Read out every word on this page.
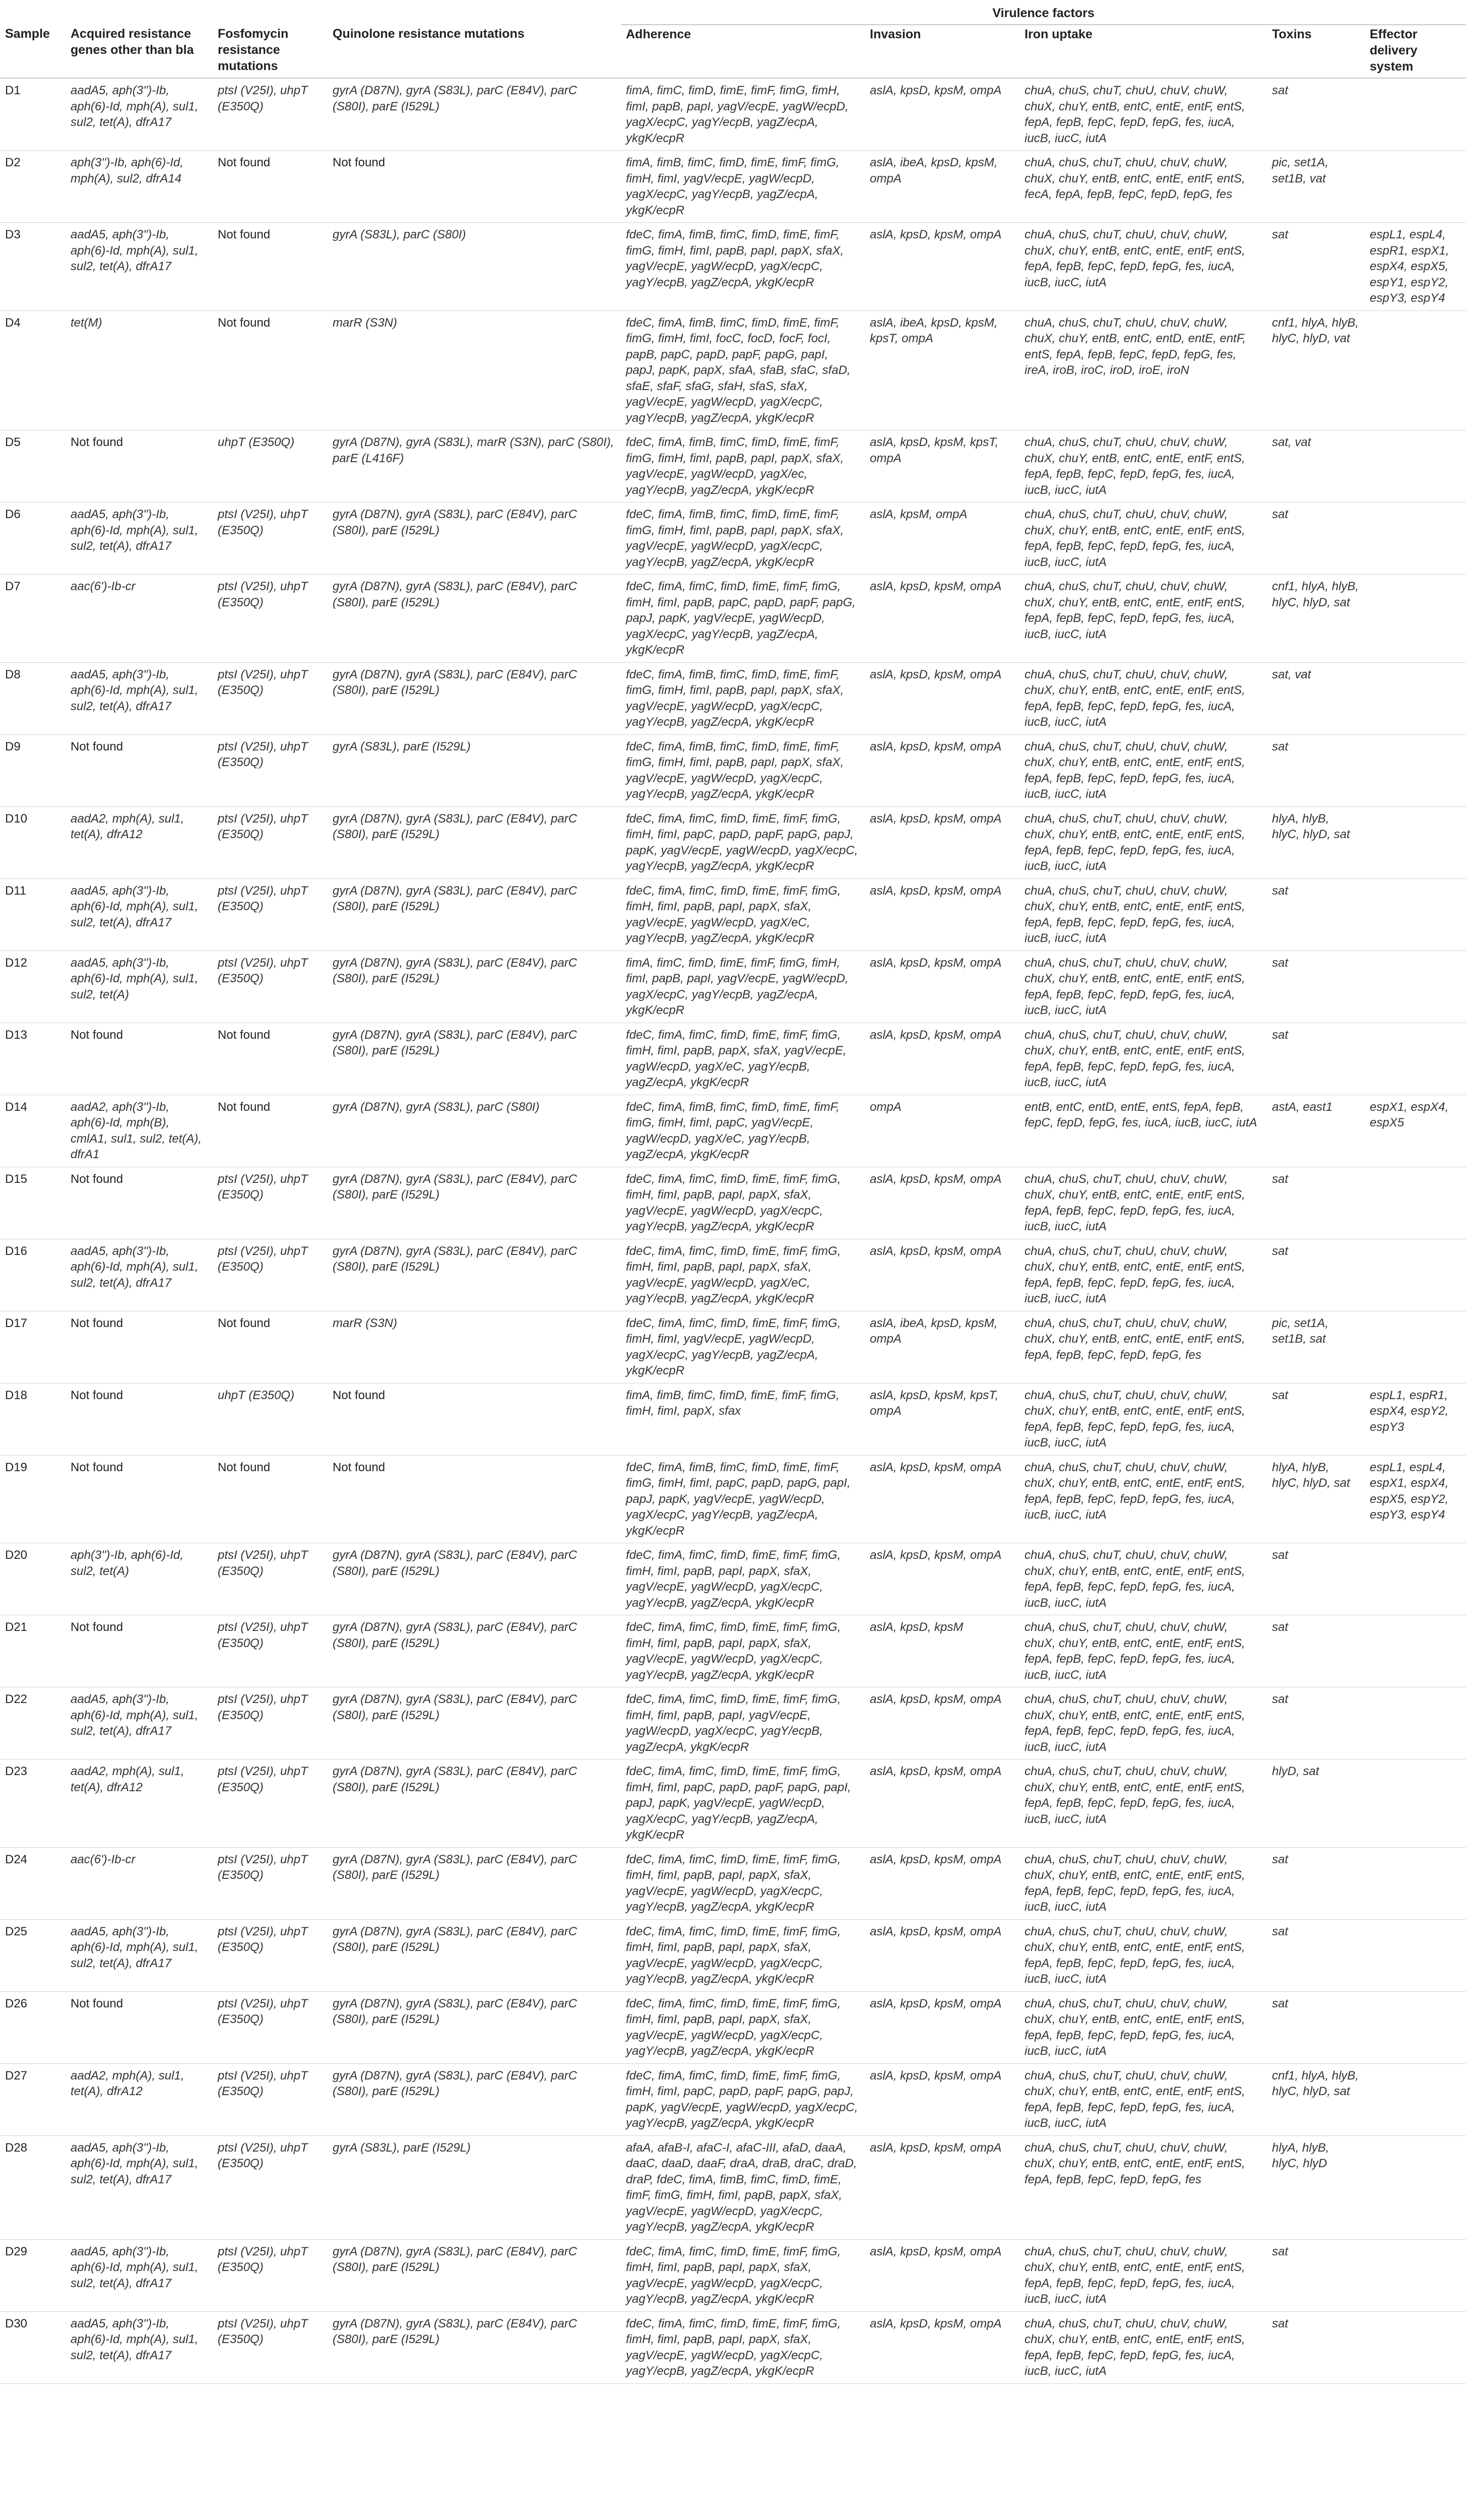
				Virulence factors				
Sample	Acquired resistance genes other than bla	Fosfomycin resistance mutations	Quinolone resistance mutations	Adherence	Invasion	Iron uptake	Toxins	Effector delivery system
D1	aadA5, aph(3'')-Ib, aph(6)-Id, mph(A), sul1, sul2, tet(A), dfrA17	ptsI (V25I), uhpT (E350Q)	gyrA (D87N), gyrA (S83L), parC (E84V), parC (S80I), parE (I529L)	fimA, fimC, fimD, fimE, fimF, fimG, fimH, fimI, papB, papI, yagV/ecpE, yagW/ecpD, yagX/ecpC, yagY/ecpB, yagZ/ecpA, ykgK/ecpR	aslA, kpsD, kpsM, ompA	chuA, chuS, chuT, chuU, chuV, chuW, chuX, chuY, entB, entC, entE, entF, entS, fepA, fepB, fepC, fepD, fepG, fes, iucA, iucB, iucC, iutA	sat	
D2	aph(3'')-Ib, aph(6)-Id, mph(A), sul2, dfrA14	Not found	Not found	fimA, fimB, fimC, fimD, fimE, fimF, fimG, fimH, fimI, yagV/ecpE, yagW/ecpD, yagX/ecpC, yagY/ecpB, yagZ/ecpA, ykgK/ecpR	aslA, ibeA, kpsD, kpsM, ompA	chuA, chuS, chuT, chuU, chuV, chuW, chuX, chuY, entB, entC, entE, entF, entS, fecA, fepA, fepB, fepC, fepD, fepG, fes	pic, set1A, set1B, vat	
D3	aadA5, aph(3'')-Ib, aph(6)-Id, mph(A), sul1, sul2, tet(A), dfrA17	Not found	gyrA (S83L), parC (S80I)	fdeC, fimA, fimB, fimC, fimD, fimE, fimF, fimG, fimH, fimI, papB, papI, papX, sfaX, yagV/ecpE, yagW/ecpD, yagX/ecpC, yagY/ecpB, yagZ/ecpA, ykgK/ecpR	aslA, kpsD, kpsM, ompA	chuA, chuS, chuT, chuU, chuV, chuW, chuX, chuY, entB, entC, entE, entF, entS, fepA, fepB, fepC, fepD, fepG, fes, iucA, iucB, iucC, iutA	sat	espL1, espL4, espR1, espX1, espX4, espX5, espY1, espY2, espY3, espY4
D4	tet(M)	Not found	marR (S3N)	fdeC, fimA, fimB, fimC, fimD, fimE, fimF, fimG, fimH, fimI, focC, focD, focF, focI, papB, papC, papD, papF, papG, papI, papJ, papK, papX, sfaA, sfaB, sfaC, sfaD, sfaE, sfaF, sfaG, sfaH, sfaS, sfaX, yagV/ecpE, yagW/ecpD, yagX/ecpC, yagY/ecpB, yagZ/ecpA, ykgK/ecpR	aslA, ibeA, kpsD, kpsM, kpsT, ompA	chuA, chuS, chuT, chuU, chuV, chuW, chuX, chuY, entB, entC, entD, entE, entF, entS, fepA, fepB, fepC, fepD, fepG, fes, ireA, iroB, iroC, iroD, iroE, iroN	cnf1, hlyA, hlyB, hlyC, hlyD, vat	
D5	Not found	uhpT (E350Q)	gyrA (D87N), gyrA (S83L), marR (S3N), parC (S80I), parE (L416F)	fdeC, fimA, fimB, fimC, fimD, fimE, fimF, fimG, fimH, fimI, papB, papI, papX, sfaX, yagV/ecpE, yagW/ecpD, yagX/ec, yagY/ecpB, yagZ/ecpA, ykgK/ecpR	aslA, kpsD, kpsM, kpsT, ompA	chuA, chuS, chuT, chuU, chuV, chuW, chuX, chuY, entB, entC, entE, entF, entS, fepA, fepB, fepC, fepD, fepG, fes, iucA, iucB, iucC, iutA	sat, vat	
D6	aadA5, aph(3'')-Ib, aph(6)-Id, mph(A), sul1, sul2, tet(A), dfrA17	ptsI (V25I), uhpT (E350Q)	gyrA (D87N), gyrA (S83L), parC (E84V), parC (S80I), parE (I529L)	fdeC, fimA, fimB, fimC, fimD, fimE, fimF, fimG, fimH, fimI, papB, papI, papX, sfaX, yagV/ecpE, yagW/ecpD, yagX/ecpC, yagY/ecpB, yagZ/ecpA, ykgK/ecpR	aslA, kpsM, ompA	chuA, chuS, chuT, chuU, chuV, chuW, chuX, chuY, entB, entC, entE, entF, entS, fepA, fepB, fepC, fepD, fepG, fes, iucA, iucB, iucC, iutA	sat	
D7	aac(6')-Ib-cr	ptsI (V25I), uhpT (E350Q)	gyrA (D87N), gyrA (S83L), parC (E84V), parC (S80I), parE (I529L)	fdeC, fimA, fimC, fimD, fimE, fimF, fimG, fimH, fimI, papB, papC, papD, papF, papG, papJ, papK, yagV/ecpE, yagW/ecpD, yagX/ecpC, yagY/ecpB, yagZ/ecpA, ykgK/ecpR	aslA, kpsD, kpsM, ompA	chuA, chuS, chuT, chuU, chuV, chuW, chuX, chuY, entB, entC, entE, entF, entS, fepA, fepB, fepC, fepD, fepG, fes, iucA, iucB, iucC, iutA	cnf1, hlyA, hlyB, hlyC, hlyD, sat	
D8	aadA5, aph(3'')-Ib, aph(6)-Id, mph(A), sul1, sul2, tet(A), dfrA17	ptsI (V25I), uhpT (E350Q)	gyrA (D87N), gyrA (S83L), parC (E84V), parC (S80I), parE (I529L)	fdeC, fimA, fimB, fimC, fimD, fimE, fimF, fimG, fimH, fimI, papB, papI, papX, sfaX, yagV/ecpE, yagW/ecpD, yagX/ecpC, yagY/ecpB, yagZ/ecpA, ykgK/ecpR	aslA, kpsD, kpsM, ompA	chuA, chuS, chuT, chuU, chuV, chuW, chuX, chuY, entB, entC, entE, entF, entS, fepA, fepB, fepC, fepD, fepG, fes, iucA, iucB, iucC, iutA	sat, vat	
D9	Not found	ptsI (V25I), uhpT (E350Q)	gyrA (S83L), parE (I529L)	fdeC, fimA, fimB, fimC, fimD, fimE, fimF, fimG, fimH, fimI, papB, papI, papX, sfaX, yagV/ecpE, yagW/ecpD, yagX/ecpC, yagY/ecpB, yagZ/ecpA, ykgK/ecpR	aslA, kpsD, kpsM, ompA	chuA, chuS, chuT, chuU, chuV, chuW, chuX, chuY, entB, entC, entE, entF, entS, fepA, fepB, fepC, fepD, fepG, fes, iucA, iucB, iucC, iutA	sat	
D10	aadA2, mph(A), sul1, tet(A), dfrA12	ptsI (V25I), uhpT (E350Q)	gyrA (D87N), gyrA (S83L), parC (E84V), parC (S80I), parE (I529L)	fdeC, fimA, fimC, fimD, fimE, fimF, fimG, fimH, fimI, papC, papD, papF, papG, papJ, papK, yagV/ecpE, yagW/ecpD, yagX/ecpC, yagY/ecpB, yagZ/ecpA, ykgK/ecpR	aslA, kpsD, kpsM, ompA	chuA, chuS, chuT, chuU, chuV, chuW, chuX, chuY, entB, entC, entE, entF, entS, fepA, fepB, fepC, fepD, fepG, fes, iucA, iucB, iucC, iutA	hlyA, hlyB, hlyC, hlyD, sat	
D11	aadA5, aph(3'')-Ib, aph(6)-Id, mph(A), sul1, sul2, tet(A), dfrA17	ptsI (V25I), uhpT (E350Q)	gyrA (D87N), gyrA (S83L), parC (E84V), parC (S80I), parE (I529L)	fdeC, fimA, fimC, fimD, fimE, fimF, fimG, fimH, fimI, papB, papI, papX, sfaX, yagV/ecpE, yagW/ecpD, yagX/eC, yagY/ecpB, yagZ/ecpA, ykgK/ecpR	aslA, kpsD, kpsM, ompA	chuA, chuS, chuT, chuU, chuV, chuW, chuX, chuY, entB, entC, entE, entF, entS, fepA, fepB, fepC, fepD, fepG, fes, iucA, iucB, iucC, iutA	sat	
D12	aadA5, aph(3'')-Ib, aph(6)-Id, mph(A), sul1, sul2, tet(A)	ptsI (V25I), uhpT (E350Q)	gyrA (D87N), gyrA (S83L), parC (E84V), parC (S80I), parE (I529L)	fimA, fimC, fimD, fimE, fimF, fimG, fimH, fimI, papB, papI, yagV/ecpE, yagW/ecpD, yagX/ecpC, yagY/ecpB, yagZ/ecpA, ykgK/ecpR	aslA, kpsD, kpsM, ompA	chuA, chuS, chuT, chuU, chuV, chuW, chuX, chuY, entB, entC, entE, entF, entS, fepA, fepB, fepC, fepD, fepG, fes, iucA, iucB, iucC, iutA	sat	
D13	Not found	Not found	gyrA (D87N), gyrA (S83L), parC (E84V), parC (S80I), parE (I529L)	fdeC, fimA, fimC, fimD, fimE, fimF, fimG, fimH, fimI, papB, papX, sfaX, yagV/ecpE, yagW/ecpD, yagX/eC, yagY/ecpB, yagZ/ecpA, ykgK/ecpR	aslA, kpsD, kpsM, ompA	chuA, chuS, chuT, chuU, chuV, chuW, chuX, chuY, entB, entC, entE, entF, entS, fepA, fepB, fepC, fepD, fepG, fes, iucA, iucB, iucC, iutA	sat	
D14	aadA2, aph(3'')-Ib, aph(6)-Id, mph(B), cmlA1, sul1, sul2, tet(A), dfrA1	Not found	gyrA (D87N), gyrA (S83L), parC (S80I)	fdeC, fimA, fimB, fimC, fimD, fimE, fimF, fimG, fimH, fimI, papC, yagV/ecpE, yagW/ecpD, yagX/eC, yagY/ecpB, yagZ/ecpA, ykgK/ecpR	ompA	entB, entC, entD, entE, entS, fepA, fepB, fepC, fepD, fepG, fes, iucA, iucB, iucC, iutA	astA, east1	espX1, espX4, espX5
D15	Not found	ptsI (V25I), uhpT (E350Q)	gyrA (D87N), gyrA (S83L), parC (E84V), parC (S80I), parE (I529L)	fdeC, fimA, fimC, fimD, fimE, fimF, fimG, fimH, fimI, papB, papI, papX, sfaX, yagV/ecpE, yagW/ecpD, yagX/ecpC, yagY/ecpB, yagZ/ecpA, ykgK/ecpR	aslA, kpsD, kpsM, ompA	chuA, chuS, chuT, chuU, chuV, chuW, chuX, chuY, entB, entC, entE, entF, entS, fepA, fepB, fepC, fepD, fepG, fes, iucA, iucB, iucC, iutA	sat	
D16	aadA5, aph(3'')-Ib, aph(6)-Id, mph(A), sul1, sul2, tet(A), dfrA17	ptsI (V25I), uhpT (E350Q)	gyrA (D87N), gyrA (S83L), parC (E84V), parC (S80I), parE (I529L)	fdeC, fimA, fimC, fimD, fimE, fimF, fimG, fimH, fimI, papB, papI, papX, sfaX, yagV/ecpE, yagW/ecpD, yagX/eC, yagY/ecpB, yagZ/ecpA, ykgK/ecpR	aslA, kpsD, kpsM, ompA	chuA, chuS, chuT, chuU, chuV, chuW, chuX, chuY, entB, entC, entE, entF, entS, fepA, fepB, fepC, fepD, fepG, fes, iucA, iucB, iucC, iutA	sat	
D17	Not found	Not found	marR (S3N)	fdeC, fimA, fimC, fimD, fimE, fimF, fimG, fimH, fimI, yagV/ecpE, yagW/ecpD, yagX/ecpC, yagY/ecpB, yagZ/ecpA, ykgK/ecpR	aslA, ibeA, kpsD, kpsM, ompA	chuA, chuS, chuT, chuU, chuV, chuW, chuX, chuY, entB, entC, entE, entF, entS, fepA, fepB, fepC, fepD, fepG, fes	pic, set1A, set1B, sat	
D18	Not found	uhpT (E350Q)	Not found	fimA, fimB, fimC, fimD, fimE, fimF, fimG, fimH, fimI, papX, sfax	aslA, kpsD, kpsM, kpsT, ompA	chuA, chuS, chuT, chuU, chuV, chuW, chuX, chuY, entB, entC, entE, entF, entS, fepA, fepB, fepC, fepD, fepG, fes, iucA, iucB, iucC, iutA	sat	espL1, espR1, espX4, espY2, espY3
D19	Not found	Not found	Not found	fdeC, fimA, fimB, fimC, fimD, fimE, fimF, fimG, fimH, fimI, papC, papD, papG, papI, papJ, papK, yagV/ecpE, yagW/ecpD, yagX/ecpC, yagY/ecpB, yagZ/ecpA, ykgK/ecpR	aslA, kpsD, kpsM, ompA	chuA, chuS, chuT, chuU, chuV, chuW, chuX, chuY, entB, entC, entE, entF, entS, fepA, fepB, fepC, fepD, fepG, fes, iucA, iucB, iucC, iutA	hlyA, hlyB, hlyC, hlyD, sat	espL1, espL4, espX1, espX4, espX5, espY2, espY3, espY4
D20	aph(3'')-Ib, aph(6)-Id, sul2, tet(A)	ptsI (V25I), uhpT (E350Q)	gyrA (D87N), gyrA (S83L), parC (E84V), parC (S80I), parE (I529L)	fdeC, fimA, fimC, fimD, fimE, fimF, fimG, fimH, fimI, papB, papI, papX, sfaX, yagV/ecpE, yagW/ecpD, yagX/ecpC, yagY/ecpB, yagZ/ecpA, ykgK/ecpR	aslA, kpsD, kpsM, ompA	chuA, chuS, chuT, chuU, chuV, chuW, chuX, chuY, entB, entC, entE, entF, entS, fepA, fepB, fepC, fepD, fepG, fes, iucA, iucB, iucC, iutA	sat	
D21	Not found	ptsI (V25I), uhpT (E350Q)	gyrA (D87N), gyrA (S83L), parC (E84V), parC (S80I), parE (I529L)	fdeC, fimA, fimC, fimD, fimE, fimF, fimG, fimH, fimI, papB, papI, papX, sfaX, yagV/ecpE, yagW/ecpD, yagX/ecpC, yagY/ecpB, yagZ/ecpA, ykgK/ecpR	aslA, kpsD, kpsM	chuA, chuS, chuT, chuU, chuV, chuW, chuX, chuY, entB, entC, entE, entF, entS, fepA, fepB, fepC, fepD, fepG, fes, iucA, iucB, iucC, iutA	sat	
D22	aadA5, aph(3'')-Ib, aph(6)-Id, mph(A), sul1, sul2, tet(A), dfrA17	ptsI (V25I), uhpT (E350Q)	gyrA (D87N), gyrA (S83L), parC (E84V), parC (S80I), parE (I529L)	fdeC, fimA, fimC, fimD, fimE, fimF, fimG, fimH, fimI, papB, papI, yagV/ecpE, yagW/ecpD, yagX/ecpC, yagY/ecpB, yagZ/ecpA, ykgK/ecpR	aslA, kpsD, kpsM, ompA	chuA, chuS, chuT, chuU, chuV, chuW, chuX, chuY, entB, entC, entE, entF, entS, fepA, fepB, fepC, fepD, fepG, fes, iucA, iucB, iucC, iutA	sat	
D23	aadA2, mph(A), sul1, tet(A), dfrA12	ptsI (V25I), uhpT (E350Q)	gyrA (D87N), gyrA (S83L), parC (E84V), parC (S80I), parE (I529L)	fdeC, fimA, fimC, fimD, fimE, fimF, fimG, fimH, fimI, papC, papD, papF, papG, papI, papJ, papK, yagV/ecpE, yagW/ecpD, yagX/ecpC, yagY/ecpB, yagZ/ecpA, ykgK/ecpR	aslA, kpsD, kpsM, ompA	chuA, chuS, chuT, chuU, chuV, chuW, chuX, chuY, entB, entC, entE, entF, entS, fepA, fepB, fepC, fepD, fepG, fes, iucA, iucB, iucC, iutA	hlyD, sat	
D24	aac(6')-Ib-cr	ptsI (V25I), uhpT (E350Q)	gyrA (D87N), gyrA (S83L), parC (E84V), parC (S80I), parE (I529L)	fdeC, fimA, fimC, fimD, fimE, fimF, fimG, fimH, fimI, papB, papI, papX, sfaX, yagV/ecpE, yagW/ecpD, yagX/ecpC, yagY/ecpB, yagZ/ecpA, ykgK/ecpR	aslA, kpsD, kpsM, ompA	chuA, chuS, chuT, chuU, chuV, chuW, chuX, chuY, entB, entC, entE, entF, entS, fepA, fepB, fepC, fepD, fepG, fes, iucA, iucB, iucC, iutA	sat	
D25	aadA5, aph(3'')-Ib, aph(6)-Id, mph(A), sul1, sul2, tet(A), dfrA17	ptsI (V25I), uhpT (E350Q)	gyrA (D87N), gyrA (S83L), parC (E84V), parC (S80I), parE (I529L)	fdeC, fimA, fimC, fimD, fimE, fimF, fimG, fimH, fimI, papB, papI, papX, sfaX, yagV/ecpE, yagW/ecpD, yagX/ecpC, yagY/ecpB, yagZ/ecpA, ykgK/ecpR	aslA, kpsD, kpsM, ompA	chuA, chuS, chuT, chuU, chuV, chuW, chuX, chuY, entB, entC, entE, entF, entS, fepA, fepB, fepC, fepD, fepG, fes, iucA, iucB, iucC, iutA	sat	
D26	Not found	ptsI (V25I), uhpT (E350Q)	gyrA (D87N), gyrA (S83L), parC (E84V), parC (S80I), parE (I529L)	fdeC, fimA, fimC, fimD, fimE, fimF, fimG, fimH, fimI, papB, papI, papX, sfaX, yagV/ecpE, yagW/ecpD, yagX/ecpC, yagY/ecpB, yagZ/ecpA, ykgK/ecpR	aslA, kpsD, kpsM, ompA	chuA, chuS, chuT, chuU, chuV, chuW, chuX, chuY, entB, entC, entE, entF, entS, fepA, fepB, fepC, fepD, fepG, fes, iucA, iucB, iucC, iutA	sat	
D27	aadA2, mph(A), sul1, tet(A), dfrA12	ptsI (V25I), uhpT (E350Q)	gyrA (D87N), gyrA (S83L), parC (E84V), parC (S80I), parE (I529L)	fdeC, fimA, fimC, fimD, fimE, fimF, fimG, fimH, fimI, papC, papD, papF, papG, papJ, papK, yagV/ecpE, yagW/ecpD, yagX/ecpC, yagY/ecpB, yagZ/ecpA, ykgK/ecpR	aslA, kpsD, kpsM, ompA	chuA, chuS, chuT, chuU, chuV, chuW, chuX, chuY, entB, entC, entE, entF, entS, fepA, fepB, fepC, fepD, fepG, fes, iucA, iucB, iucC, iutA	cnf1, hlyA, hlyB, hlyC, hlyD, sat	
D28	aadA5, aph(3'')-Ib, aph(6)-Id, mph(A), sul1, sul2, tet(A), dfrA17	ptsI (V25I), uhpT (E350Q)	gyrA (S83L), parE (I529L)	afaA, afaB-I, afaC-I, afaC-III, afaD, daaA, daaC, daaD, daaF, draA, draB, draC, draD, draP, fdeC, fimA, fimB, fimC, fimD, fimE, fimF, fimG, fimH, fimI, papB, papX, sfaX, yagV/ecpE, yagW/ecpD, yagX/ecpC, yagY/ecpB, yagZ/ecpA, ykgK/ecpR	aslA, kpsD, kpsM, ompA	chuA, chuS, chuT, chuU, chuV, chuW, chuX, chuY, entB, entC, entE, entF, entS, fepA, fepB, fepC, fepD, fepG, fes	hlyA, hlyB, hlyC, hlyD	
D29	aadA5, aph(3'')-Ib, aph(6)-Id, mph(A), sul1, sul2, tet(A), dfrA17	ptsI (V25I), uhpT (E350Q)	gyrA (D87N), gyrA (S83L), parC (E84V), parC (S80I), parE (I529L)	fdeC, fimA, fimC, fimD, fimE, fimF, fimG, fimH, fimI, papB, papI, papX, sfaX, yagV/ecpE, yagW/ecpD, yagX/ecpC, yagY/ecpB, yagZ/ecpA, ykgK/ecpR	aslA, kpsD, kpsM, ompA	chuA, chuS, chuT, chuU, chuV, chuW, chuX, chuY, entB, entC, entE, entF, entS, fepA, fepB, fepC, fepD, fepG, fes, iucA, iucB, iucC, iutA	sat	
D30	aadA5, aph(3'')-Ib, aph(6)-Id, mph(A), sul1, sul2, tet(A), dfrA17	ptsI (V25I), uhpT (E350Q)	gyrA (D87N), gyrA (S83L), parC (E84V), parC (S80I), parE (I529L)	fdeC, fimA, fimC, fimD, fimE, fimF, fimG, fimH, fimI, papB, papI, papX, sfaX, yagV/ecpE, yagW/ecpD, yagX/ecpC, yagY/ecpB, yagZ/ecpA, ykgK/ecpR	aslA, kpsD, kpsM, ompA	chuA, chuS, chuT, chuU, chuV, chuW, chuX, chuY, entB, entC, entE, entF, entS, fepA, fepB, fepC, fepD, fepG, fes, iucA, iucB, iucC, iutA	sat	
